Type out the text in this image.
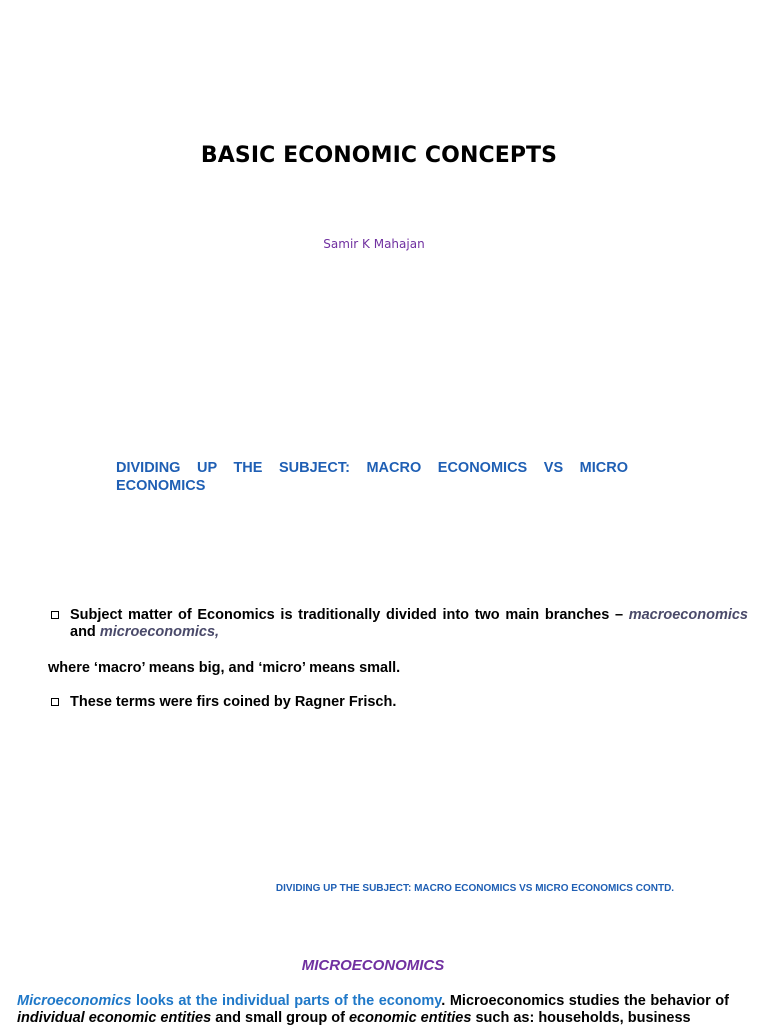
BASIC ECONOMIC CONCEPTS
Samir K Mahajan
DIVIDING UP THE SUBJECT: MACRO ECONOMICS VS MICRO ECONOMICS
Subject matter of Economics is traditionally divided into two main branches – macroeconomics and microeconomics,
where ‘macro’ means big, and ‘micro’ means small.
These terms were firs coined by Ragner Frisch.
DIVIDING UP THE SUBJECT: MACRO ECONOMICS VS MICRO ECONOMICS CONTD.
MICROECONOMICS
Microeconomics looks at the individual parts of the economy. Microeconomics studies the behavior of individual economic entities and small group of economic entities such as: households, business
